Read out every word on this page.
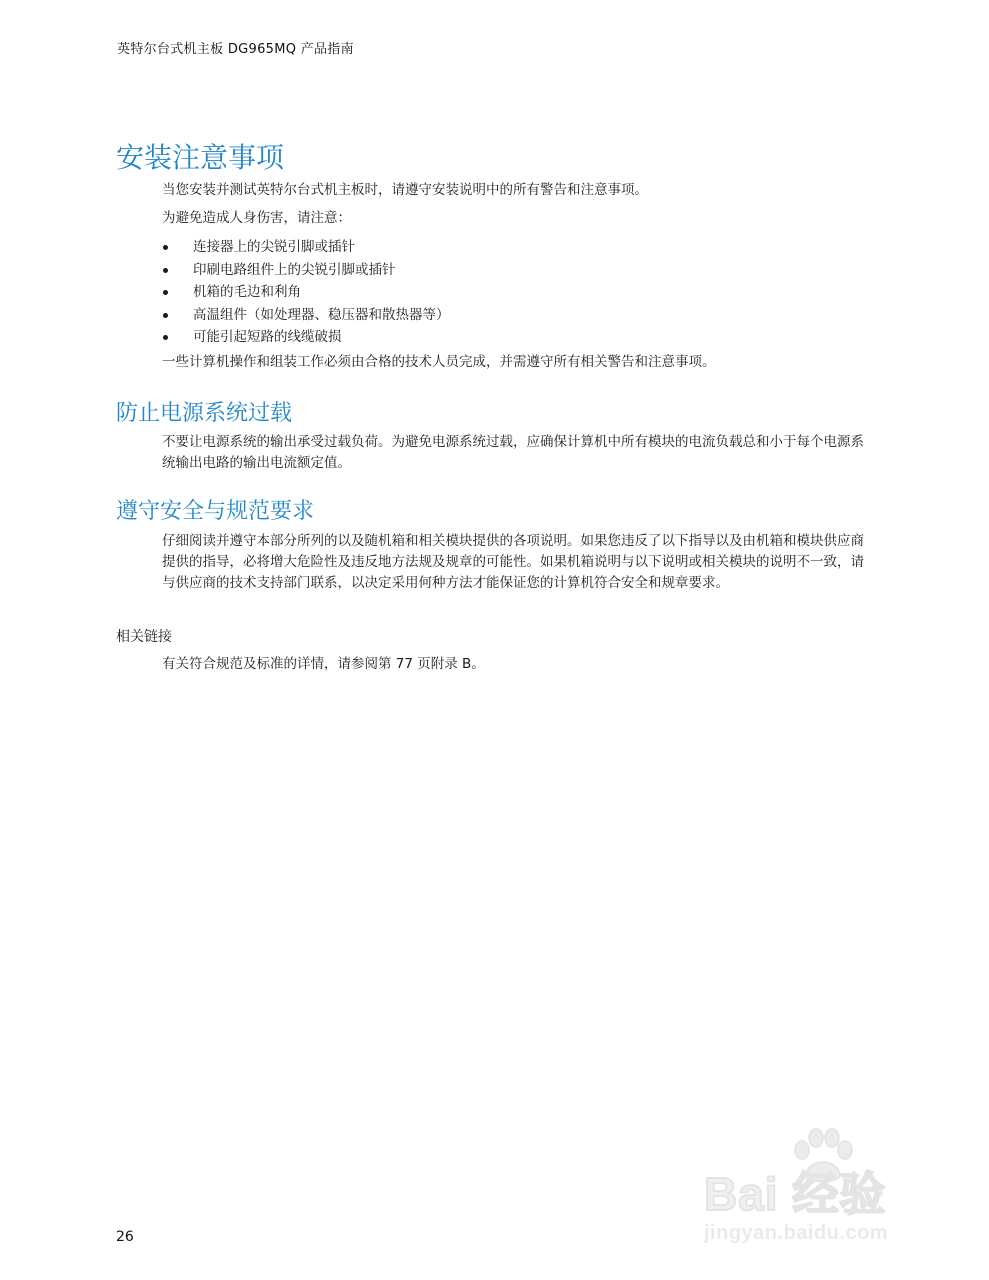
英特尔台式机主板 DG965MQ 产品指南
安装注意事项

当您安装并测试英特尔台式机主板时，请遵守安装说明中的所有警告和注意事项。

为避免造成人身伤害，请注意：

连接器上的尖锐引脚或插针
印刷电路组件上的尖锐引脚或插针
机箱的毛边和利角
高温组件（如处理器、稳压器和散热器等）
可能引起短路的线缆破损

一些计算机操作和组装工作必须由合格的技术人员完成，并需遵守所有相关警告和注意事项。

防止电源系统过载

不要让电源系统的输出承受过载负荷。为避免电源系统过载，应确保计算机中所有模块的电流负载总和小于每个电源系统输出电路的输出电流额定值。

遵守安全与规范要求

仔细阅读并遵守本部分所列的以及随机箱和相关模块提供的各项说明。如果您违反了以下指导以及由机箱和模块供应商提供的指导，必将增大危险性及违反地方法规及规章的可能性。如果机箱说明与以下说明或相关模块的说明不一致，请与供应商的技术支持部门联系，以决定采用何种方法才能保证您的计算机符合安全和规章要求。

相关链接

有关符合规范及标准的详情，请参阅第 77 页附录 B。

26
Bai 经验
jingyan.baidu.com
